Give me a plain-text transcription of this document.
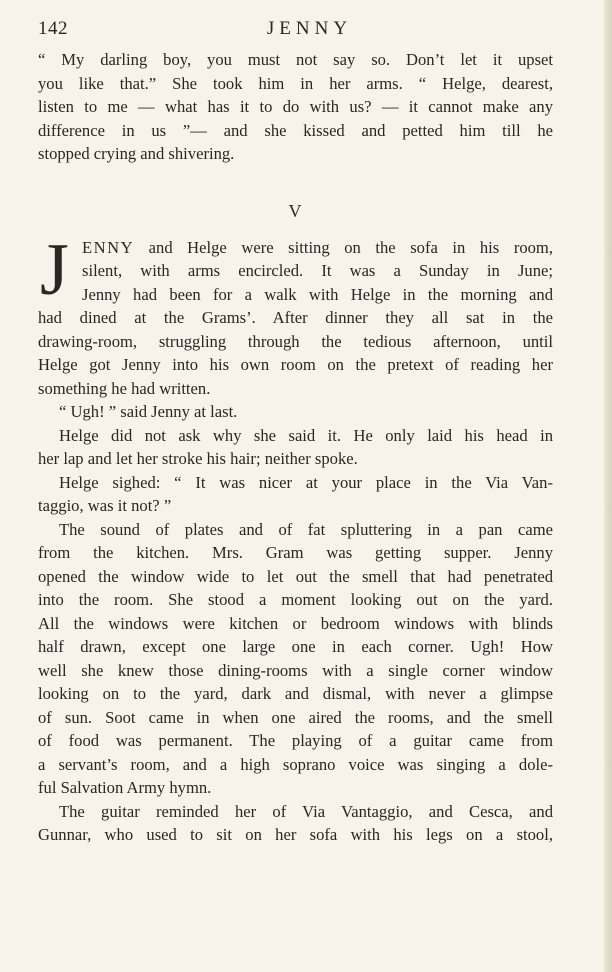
142	JENNY

“ My darling boy, you must not say so. Don’t let it upset
you like that.” She took him in her arms. “ Helge, dearest,
listen to me — what has it to do with us? — it cannot make any
difference in us ”— and she kissed and petted him till he
stopped crying and shivering.

V
J ENNY and Helge were sitting on the sofa in his room,
silent, with arms encircled. It was a Sunday in June;
Jenny had been for a walk with Helge in the morning and
had dined at the Grams’. After dinner they all sat in the
drawing-room, struggling through the tedious afternoon, until
Helge got Jenny into his own room on the pretext of reading her
something he had written.

“ Ugh! ” said Jenny at last.

Helge did not ask why she said it. He only laid his head in
her lap and let her stroke his hair; neither spoke.

Helge sighed: “ It was nicer at your place in the Via Van-
taggio, was it not? ”

The sound of plates and of fat spluttering in a pan came
from the kitchen. Mrs. Gram was getting supper. Jenny
opened the window wide to let out the smell that had penetrated
into the room. She stood a moment looking out on the yard.
All the windows were kitchen or bedroom windows with blinds
half drawn, except one large one in each corner. Ugh! How
well she knew those dining-rooms with a single corner window
looking on to the yard, dark and dismal, with never a glimpse
of sun. Soot came in when one aired the rooms, and the smell
of food was permanent. The playing of a guitar came from
a servant’s room, and a high soprano voice was singing a dole-
ful Salvation Army hymn.

The guitar reminded her of Via Vantaggio, and Cesca, and
Gunnar, who used to sit on her sofa with his legs on a stool,
